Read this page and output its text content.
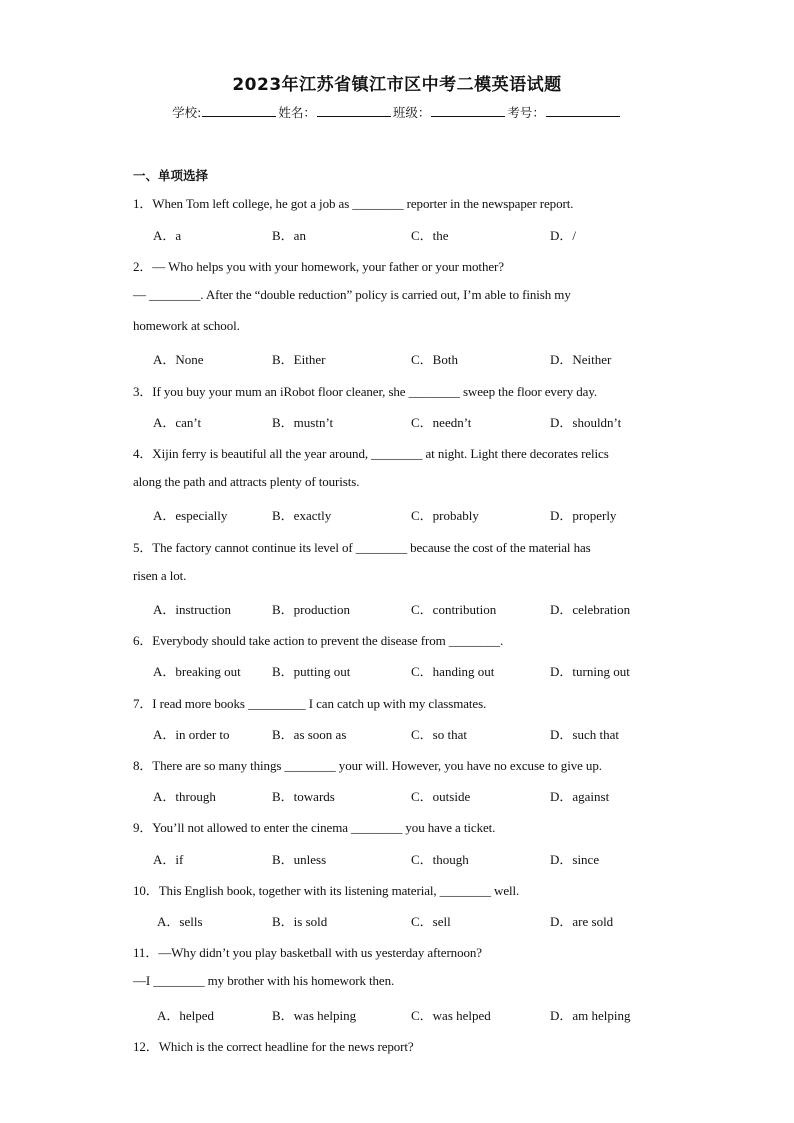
2023年江苏省镇江市区中考二模英语试题
学校:	姓名：	班级：	考号：
一、单项选择
1．When Tom left college, he got a job as ________ reporter in the newspaper report.
A．a	B．an	C．the	D．/
2．— Who helps you with your homework, your father or your mother?
— ________. After the “double reduction” policy is carried out, I’m able to finish my
homework at school.
A．None	B．Either	C．Both	D．Neither
3．If you buy your mum an iRobot floor cleaner, she ________ sweep the floor every day.
A．can’t	B．mustn’t	C．needn’t	D．shouldn’t
4．Xijin ferry is beautiful all the year around, ________ at night. Light there decorates relics
along the path and attracts plenty of tourists.
A．especially	B．exactly	C．probably	D．properly
5．The factory cannot continue its level of ________ because the cost of the material has
risen a lot.
A．instruction	B．production	C．contribution	D．celebration
6．Everybody should take action to prevent the disease from ________.
A．breaking out B．putting out	C．handing out	D．turning out
7．I read more books _________ I can catch up with my classmates.
A．in order to	B．as soon as	C．so that	D．such that
8．There are so many things ________ your will. However, you have no excuse to give up.
A．through	B．towards	C．outside	D．against
9．You’ll not allowed to enter the cinema ________ you have a ticket.
A．if	B．unless	C．though	D．since
10．This English book, together with its listening material, ________ well.
A．sells	B．is sold	C．sell	D．are sold
11．—Why didn’t you play basketball with us yesterday afternoon?
—I ________ my brother with his homework then.
A．helped	B．was helping	C．was helped	D．am helping
12．Which is the correct headline for the news report?
